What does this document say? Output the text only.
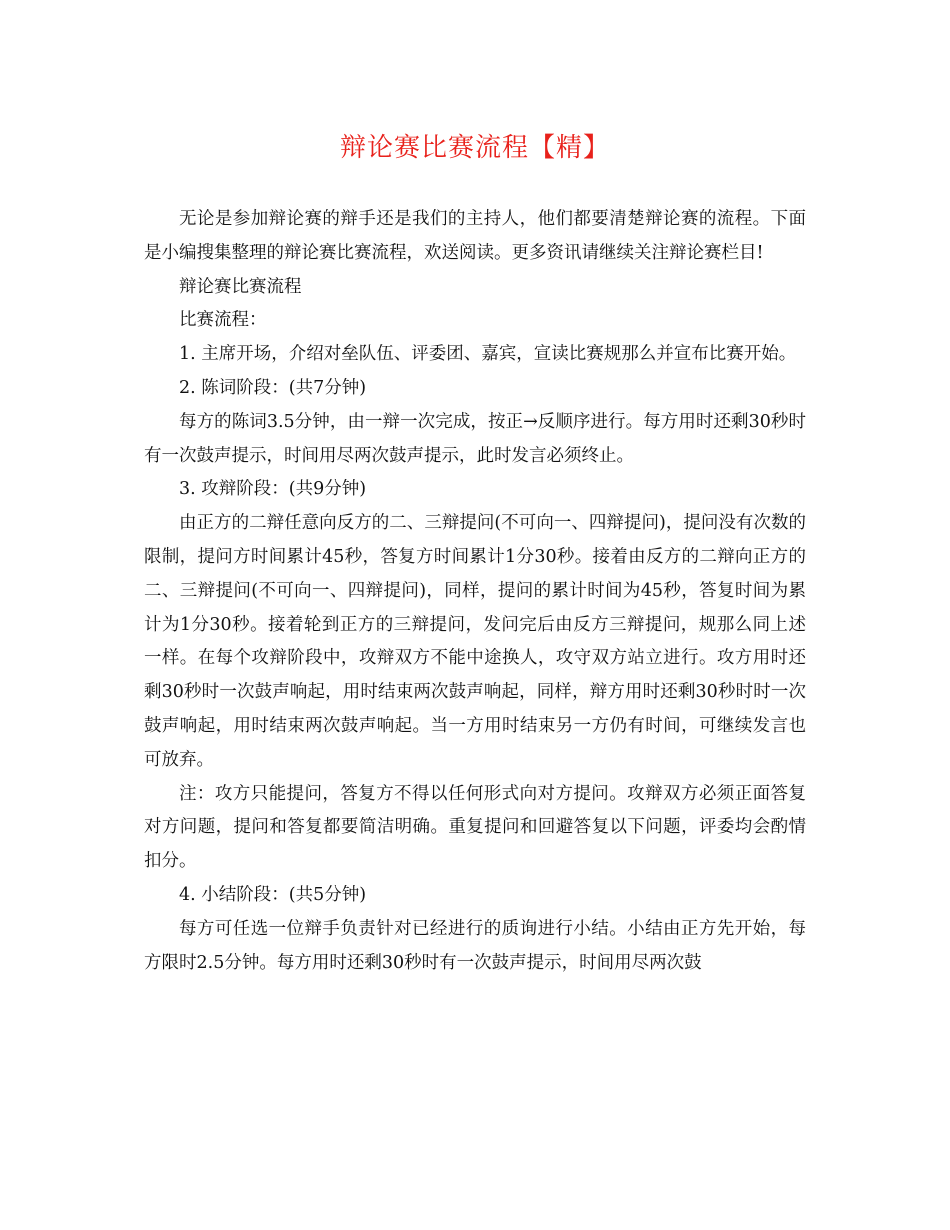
辩论赛比赛流程【精】

无论是参加辩论赛的辩手还是我们的主持人，他们都要清楚辩论赛的流程。下面是小编搜集整理的辩论赛比赛流程，欢送阅读。更多资讯请继续关注辩论赛栏目!

辩论赛比赛流程

比赛流程：

1. 主席开场，介绍对垒队伍、评委团、嘉宾，宣读比赛规那么并宣布比赛开始。

2. 陈词阶段：(共7分钟)

每方的陈词3.5分钟，由一辩一次完成，按正→反顺序进行。每方用时还剩30秒时有一次鼓声提示，时间用尽两次鼓声提示，此时发言必须终止。

3. 攻辩阶段：(共9分钟)

由正方的二辩任意向反方的二、三辩提问(不可向一、四辩提问)，提问没有次数的限制，提问方时间累计45秒，答复方时间累计1分30秒。接着由反方的二辩向正方的二、三辩提问(不可向一、四辩提问)，同样，提问的累计时间为45秒，答复时间为累计为1分30秒。接着轮到正方的三辩提问，发问完后由反方三辩提问，规那么同上述一样。在每个攻辩阶段中，攻辩双方不能中途换人，攻守双方站立进行。攻方用时还剩30秒时一次鼓声响起，用时结束两次鼓声响起，同样，辩方用时还剩30秒时时一次鼓声响起，用时结束两次鼓声响起。当一方用时结束另一方仍有时间，可继续发言也可放弃。

注：攻方只能提问，答复方不得以任何形式向对方提问。攻辩双方必须正面答复对方问题，提问和答复都要简洁明确。重复提问和回避答复以下问题，评委均会酌情扣分。

4. 小结阶段：(共5分钟)

每方可任选一位辩手负责针对已经进行的质询进行小结。小结由正方先开始，每方限时2.5分钟。每方用时还剩30秒时有一次鼓声提示，时间用尽两次鼓
